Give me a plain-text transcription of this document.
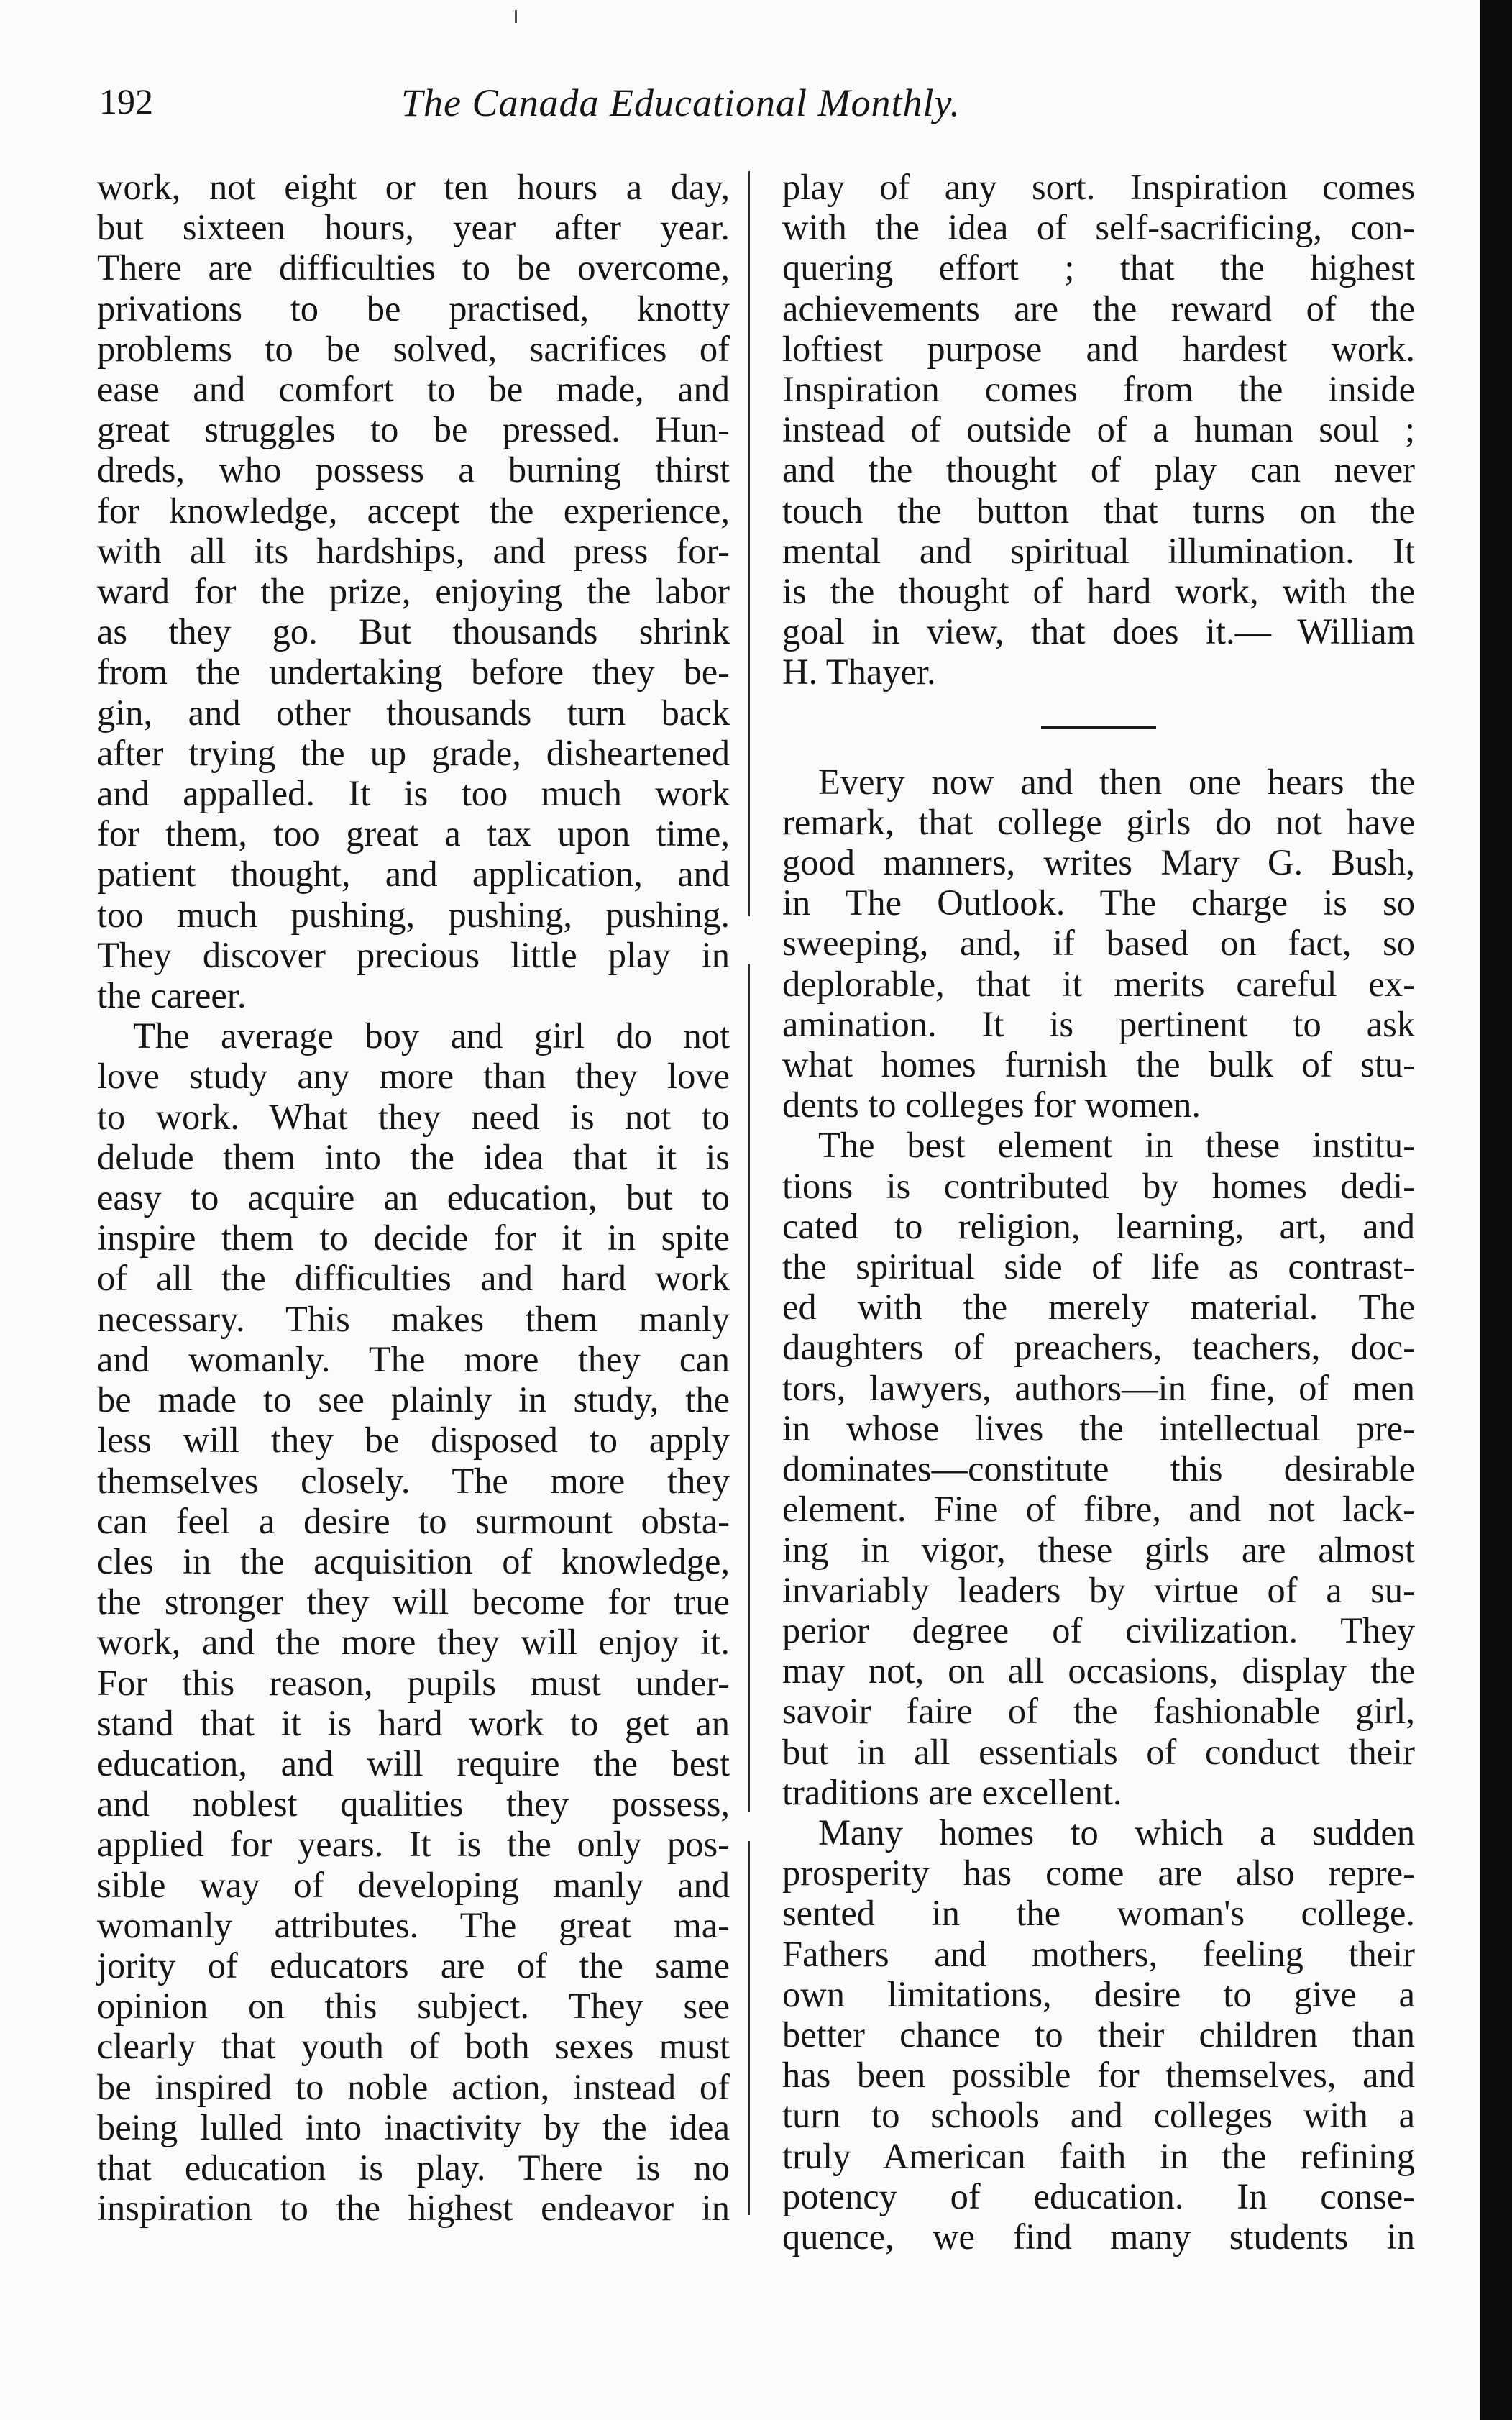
192	The Canada Educational Monthly.
work, not eight or ten hours a day,
but sixteen hours, year after year.
There are difficulties to be overcome,
privations to be practised, knotty
problems to be solved, sacrifices of
ease and comfort to be made, and
great struggles to be pressed. Hun-
dreds, who possess a burning thirst
for knowledge, accept the experience,
with all its hardships, and press for-
ward for the prize, enjoying the labor
as they go. But thousands shrink
from the undertaking before they be-
gin, and other thousands turn back
after trying the up grade, disheartened
and appalled. It is too much work
for them, too great a tax upon time,
patient thought, and application, and
too much pushing, pushing, pushing.
They discover precious little play in
the career.
The average boy and girl do not
love study any more than they love
to work. What they need is not to
delude them into the idea that it is
easy to acquire an education, but to
inspire them to decide for it in spite
of all the difficulties and hard work
necessary. This makes them manly
and womanly. The more they can
be made to see plainly in study, the
less will they be disposed to apply
themselves closely. The more they
can feel a desire to surmount obsta-
cles in the acquisition of knowledge,
the stronger they will become for true
work, and the more they will enjoy it.
For this reason, pupils must under-
stand that it is hard work to get an
education, and will require the best
and noblest qualities they possess,
applied for years. It is the only pos-
sible way of developing manly and
womanly attributes. The great ma-
jority of educators are of the same
opinion on this subject. They see
clearly that youth of both sexes must
be inspired to noble action, instead of
being lulled into inactivity by the idea
that education is play. There is no
inspiration to the highest endeavor in
play of any sort. Inspiration comes
with the idea of self-sacrificing, con-
quering effort ; that the highest
achievements are the reward of the
loftiest purpose and hardest work.
Inspiration comes from the inside
instead of outside of a human soul ;
and the thought of play can never
touch the button that turns on the
mental and spiritual illumination. It
is the thought of hard work, with the
goal in view, that does it.— William
H. Thayer.
Every now and then one hears the
remark, that college girls do not have
good manners, writes Mary G. Bush,
in The Outlook. The charge is so
sweeping, and, if based on fact, so
deplorable, that it merits careful ex-
amination. It is pertinent to ask
what homes furnish the bulk of stu-
dents to colleges for women.
The best element in these institu-
tions is contributed by homes dedi-
cated to religion, learning, art, and
the spiritual side of life as contrast-
ed with the merely material. The
daughters of preachers, teachers, doc-
tors, lawyers, authors—in fine, of men
in whose lives the intellectual pre-
dominates—constitute this desirable
element. Fine of fibre, and not lack-
ing in vigor, these girls are almost
invariably leaders by virtue of a su-
perior degree of civilization. They
may not, on all occasions, display the
savoir faire of the fashionable girl,
but in all essentials of conduct their
traditions are excellent.
Many homes to which a sudden
prosperity has come are also repre-
sented in the woman's college.
Fathers and mothers, feeling their
own limitations, desire to give a
better chance to their children than
has been possible for themselves, and
turn to schools and colleges with a
truly American faith in the refining
potency of education. In conse-
quence, we find many students in
